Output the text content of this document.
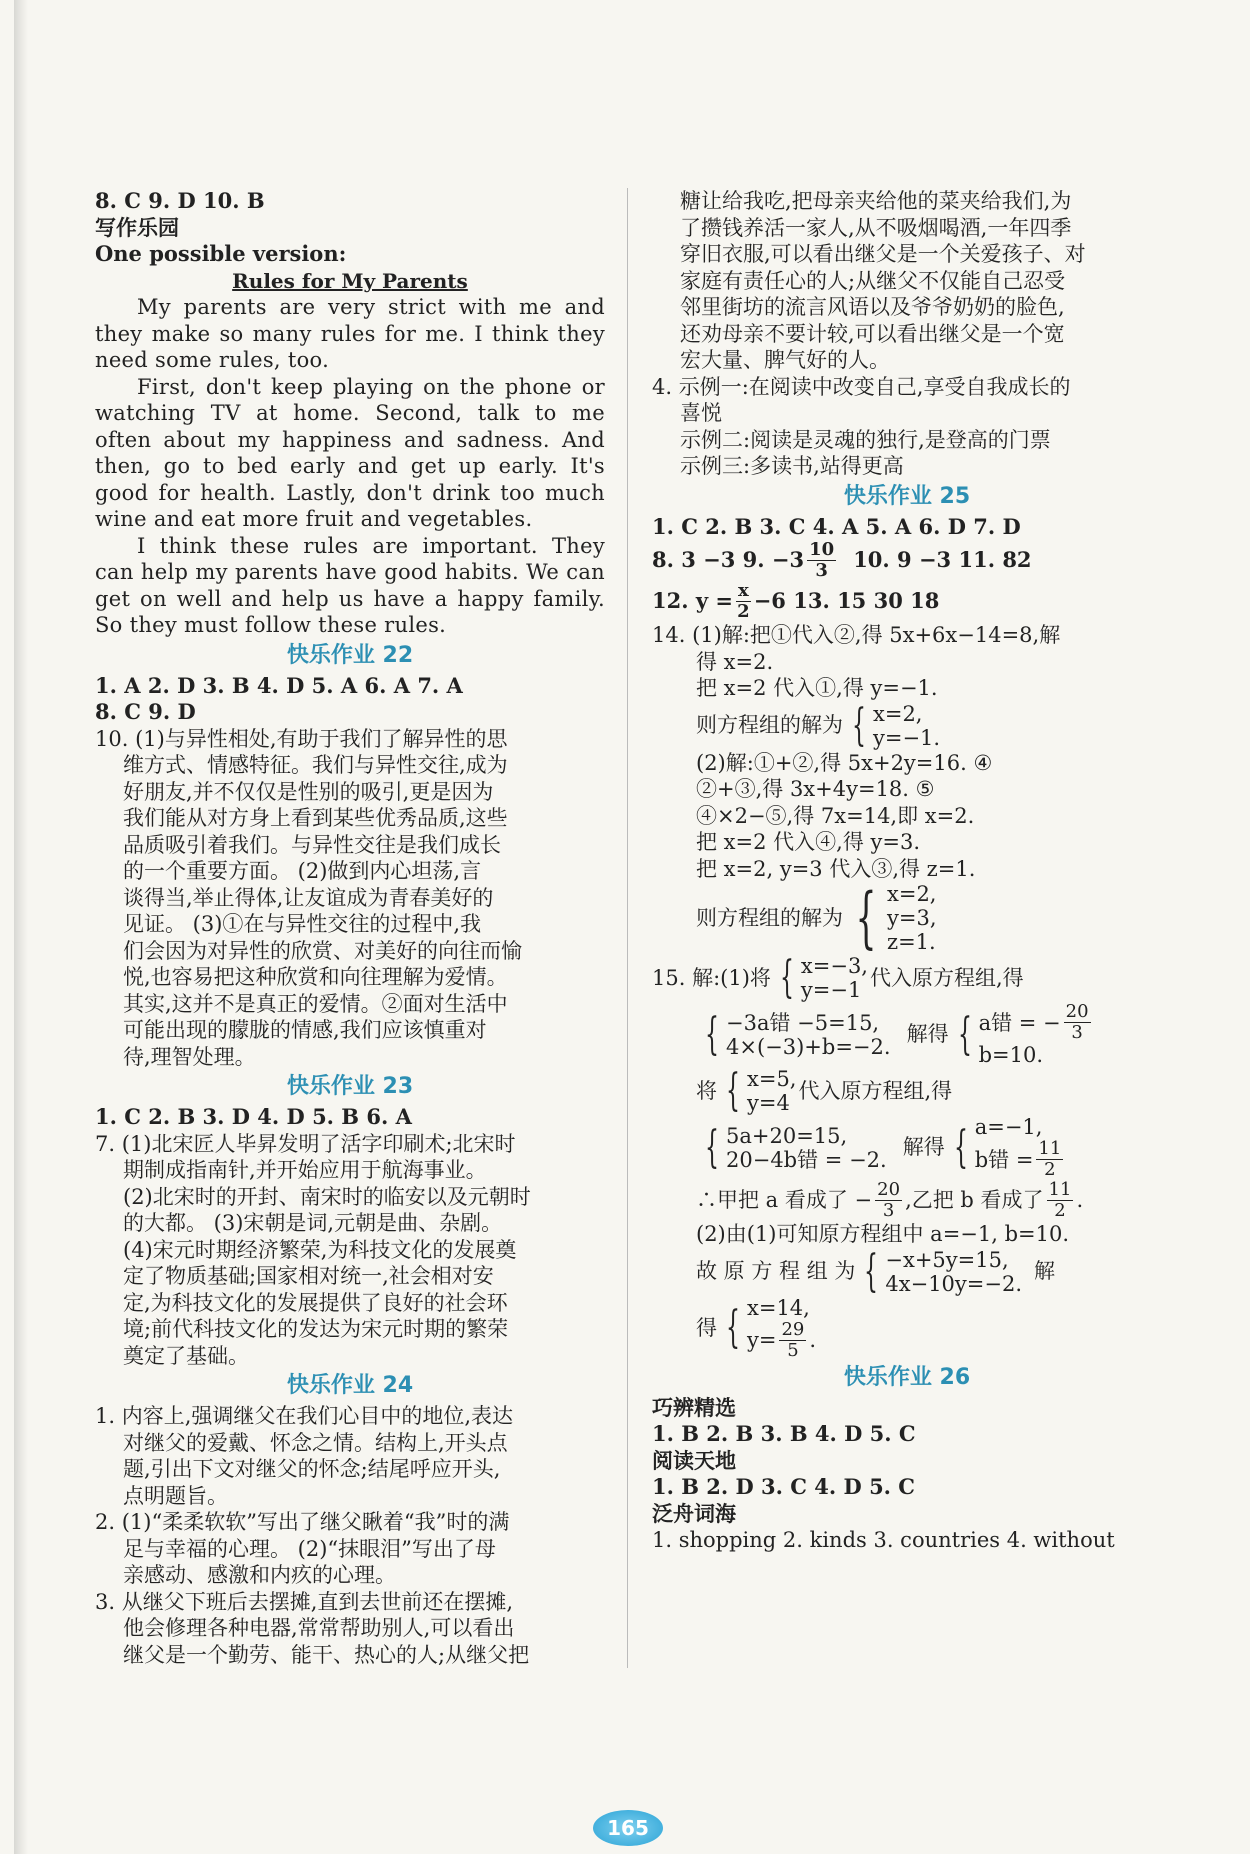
8. C 9. D 10. B
写作乐园
One possible version:
Rules for My Parents
My parents are very strict with me and they make so many rules for me. I think they need some rules, too.
First, don't keep playing on the phone or watching TV at home. Second, talk to me often about my happiness and sadness. And then, go to bed early and get up early. It's good for health. Lastly, don't drink too much wine and eat more fruit and vegetables.
I think these rules are important. They can help my parents have good habits. We can get on well and help us have a happy family. So they must follow these rules.
快乐作业 22
1. A 2. D 3. B 4. D 5. A 6. A 7. A
8. C 9. D
10. (1)与异性相处,有助于我们了解异性的思
维方式、情感特征。我们与异性交往,成为
好朋友,并不仅仅是性别的吸引,更是因为
我们能从对方身上看到某些优秀品质,这些
品质吸引着我们。与异性交往是我们成长
的一个重要方面。 (2)做到内心坦荡,言
谈得当,举止得体,让友谊成为青春美好的
见证。 (3)①在与异性交往的过程中,我
们会因为对异性的欣赏、对美好的向往而愉
悦,也容易把这种欣赏和向往理解为爱情。
其实,这并不是真正的爱情。②面对生活中
可能出现的朦胧的情感,我们应该慎重对
待,理智处理。
快乐作业 23
1. C 2. B 3. D 4. D 5. B 6. A
7. (1)北宋匠人毕昇发明了活字印刷术;北宋时
期制成指南针,并开始应用于航海事业。
(2)北宋时的开封、南宋时的临安以及元朝时
的大都。 (3)宋朝是词,元朝是曲、杂剧。
(4)宋元时期经济繁荣,为科技文化的发展奠
定了物质基础;国家相对统一,社会相对安
定,为科技文化的发展提供了良好的社会环
境;前代科技文化的发达为宋元时期的繁荣
奠定了基础。
快乐作业 24
1. 内容上,强调继父在我们心目中的地位,表达
对继父的爱戴、怀念之情。结构上,开头点
题,引出下文对继父的怀念;结尾呼应开头,
点明题旨。
2. (1)“柔柔软软”写出了继父瞅着“我”时的满
足与幸福的心理。 (2)“抹眼泪”写出了母
亲感动、感激和内疚的心理。
3. 从继父下班后去摆摊,直到去世前还在摆摊,
他会修理各种电器,常常帮助别人,可以看出
继父是一个勤劳、能干、热心的人;从继父把
糖让给我吃,把母亲夹给他的菜夹给我们,为
了攒钱养活一家人,从不吸烟喝酒,一年四季
穿旧衣服,可以看出继父是一个关爱孩子、对
家庭有责任心的人;从继父不仅能自己忍受
邻里街坊的流言风语以及爷爷奶奶的脸色,
还劝母亲不要计较,可以看出继父是一个宽
宏大量、脾气好的人。
4. 示例一:在阅读中改变自己,享受自我成长的
喜悦
示例二:阅读是灵魂的独行,是登高的门票
示例三:多读书,站得更高
快乐作业 25
1. C 2. B 3. C 4. A 5. A 6. D 7. D
8. 3 −3 9. $-3 \frac{10}{3} 10$. 9 −3 11. 82
12. $y = \frac{x}{2} -6$ 13. 15 30 18
14. (1)解:把①代入②,得 5x+6x−14=8,解
得 x=2.
把 x=2 代入①,得 y=−1.
则方程组的解为 { x=2,
y=−1.
(2)解:①+②,得 5x+2y=16. ④
②+③,得 3x+4y=18. ⑤
④×2−⑤,得 7x=14,即 x=2.
把 x=2 代入④,得 y=3.
把 x=2, y=3 代入③,得 z=1.
则方程组的解为 { x=2,
y=3,
z=1.
15. 解:(1)将 { x=−3,
y=−1
代入原方程组,得
{ −3a错 −5=15,
4×(−3)+b=−2.
解得 { a错 = − $\frac{20}{3}$
b=10.
将 { x=5,
y=4
代入原方程组,得
{ 5a+20=15,
20−4b错 = −2.
解得 { a=−1,
b错 = $\frac{11}{2}$
∴甲把 a 看成了 − $\frac{20}{3}$ ,乙把 b 看成了 $\frac{11}{2}$ .
(2)由(1)可知原方程组中 a=−1, b=10.
故 原 方 程 组 为 { −x+5y=15,
4x−10y=−2.
解
得 { x=14,
$y= \frac{29}{5}$ .
快乐作业 26
巧辨精选
1. B 2. B 3. B 4. D 5. C
阅读天地
1. B 2. D 3. C 4. D 5. C
泛舟词海
1. shopping 2. kinds 3. countries 4. without
165
